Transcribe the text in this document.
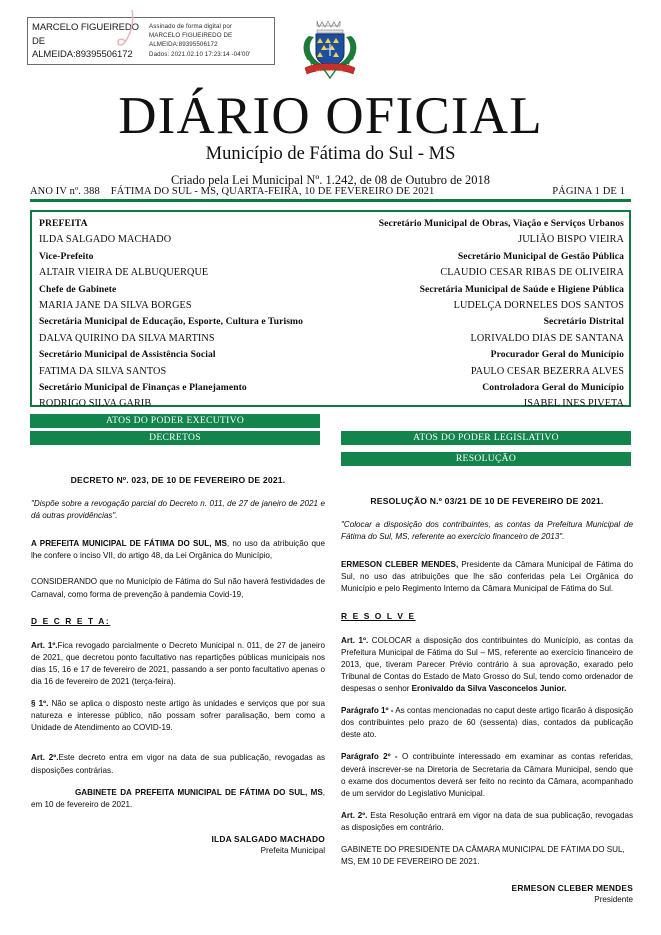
MARCELO FIGUEIREDO
DE
ALMEIDA:89395506172
Assinado de forma digital por
MARCELO FIGUEIREDO DE
ALMEIDA:89395506172
Dados: 2021.02.10 17:23:14 -04'00'
FATIMA DO SUL
DIÁRIO OFICIAL
Município de Fátima do Sul - MS
Criado pela Lei Municipal Nº. 1.242, de 08 de Outubro de 2018
ANO IV nº. 388 FÁTIMA DO SUL - MS, QUARTA-FEIRA, 10 DE FEVEREIRO DE 2021	PÁGINA 1 DE 1
PREFEITA
ILDA SALGADO MACHADO
Vice-Prefeito
ALTAIR VIEIRA DE ALBUQUERQUE
Chefe de Gabinete
MARIA JANE DA SILVA BORGES
Secretária Municipal de Educação, Esporte, Cultura e Turismo
DALVA QUIRINO DA SILVA MARTINS
Secretário Municipal de Assistência Social
FATIMA DA SILVA SANTOS
Secretário Municipal de Finanças e Planejamento
RODRIGO SILVA GARIB
Secretário Municipal de Obras, Viação e Serviços Urbanos
JULIÃO BISPO VIEIRA
Secretário Municipal de Gestão Pública
CLAUDIO CESAR RIBAS DE OLIVEIRA
Secretária Municipal de Saúde e Higiene Pública
LUDELÇA DORNELES DOS SANTOS
Secretário Distrital
LORIVALDO DIAS DE SANTANA
Procurador Geral do Município
PAULO CESAR BEZERRA ALVES
Controladora Geral do Município
ISABEL INES PIVETA
ATOS DO PODER EXECUTIVO
DECRETOS	ATOS DO PODER LEGISLATIVO
RESOLUÇÃO
DECRETO Nº. 023, DE 10 DE FEVEREIRO DE 2021.
"Dispõe sobre a revogação parcial do Decreto n. 011, de 27 de janeiro de 2021 e dá outras providências".
A PREFEITA MUNICIPAL DE FÁTIMA DO SUL, MS, no uso da atribuição que lhe confere o inciso VII, do artigo 48, da Lei Orgânica do Município,
CONSIDERANDO que no Município de Fátima do Sul não haverá festividades de Carnaval, como forma de prevenção à pandemia Covid-19,
D E C R E T A:
Art. 1º.Fica revogado parcialmente o Decreto Municipal n. 011, de 27 de janeiro de 2021, que decretou ponto facultativo nas repartições públicas municipais nos dias 15, 16 e 17 de fevereiro de 2021, passando a ser ponto facultativo apenas o dia 16 de fevereiro de 2021 (terça-feira).
§ 1º. Não se aplica o disposto neste artigo às unidades e serviços que por sua natureza e interesse público, não possam sofrer paralisação, bem como a Unidade de Atendimento ao COVID-19.
Art. 2º.Este decreto entra em vigor na data de sua publicação, revogadas as disposições contrárias.
GABINETE DA PREFEITA MUNICIPAL DE FÁTIMA DO SUL, MS, em 10 de fevereiro de 2021.
ILDA SALGADO MACHADO
Prefeita Municipal
RESOLUÇÃO N.º 03/21 DE 10 DE FEVEREIRO DE 2021.
"Colocar a disposição dos contribuintes, as contas da Prefeitura Municipal de Fátima do Sul, MS, referente ao exercício financeiro de 2013".
ERMESON CLEBER MENDES, Presidente da Câmara Municipal de Fátima do Sul, no uso das atribuições que lhe são conferidas pela Lei Orgânica do Município e pelo Regimento Interno da Câmara Municipal de Fátima do Sul.
R E S O L V E
Art. 1º. COLOCAR a disposição dos contribuintes do Município, as contas da Prefeitura Municipal de Fátima do Sul – MS, referente ao exercício financeiro de 2013, que, tiveram Parecer Prévio contrário à sua aprovação, exarado pelo Tribunal de Contas do Estado de Mato Grosso do Sul, tendo como ordenador de despesas o senhor Eronivaldo da Silva Vasconcelos Junior.
Parágrafo 1º - As contas mencionadas no caput deste artigo ficarão à disposição dos contribuintes pelo prazo de 60 (sessenta) dias, contados da publicação deste ato.
Parágrafo 2º - O contribuinte interessado em examinar as contas referidas, deverá inscrever-se na Diretoria de Secretaria da Câmara Municipal, sendo que o exame dos documentos deverá ser feito no recinto da Câmara, acompanhado de um servidor do Legislativo Municipal.
Art. 2º. Esta Resolução entrará em vigor na data de sua publicação, revogadas as disposições em contrário.
GABINETE DO PRESIDENTE DA CÂMARA MUNICIPAL DE FÁTIMA DO SUL, MS, EM 10 DE FEVEREIRO DE 2021.
ERMESON CLEBER MENDES
Presidente
